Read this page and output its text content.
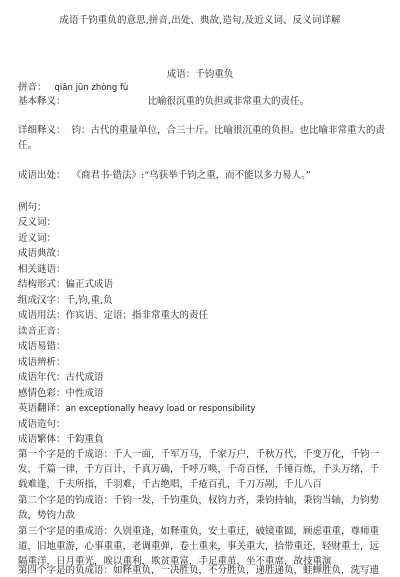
成语千钧重负的意思,拼音,出处、典故,造句,及近义词、反义词详解
成语：千钧重负
拼音： qiān jūn zhòng fù
基本释义：	比喻很沉重的负担或非常重大的责任。
详细释义： 钧：古代的重量单位，合三十斤。比喻很沉重的负担。也比喻非常重大的责任。
成语出处： 《商君书·错法》:“乌获举千钧之重，而不能以多力易人。”
例句：
反义词：
近义词：
成语典故：
相关谜语：
结构形式：偏正式成语
组成汉字：千,钧,重,负
成语用法：作宾语、定语；指非常重大的责任
读音正音：
成语易错：
成语辨析：
成语年代：古代成语
感情色彩：中性成语
英语翻译：an exceptionally heavy load or responsibility
成语造句：
成语繁体：千鈞重負
第一个字是的千成语：千人一面，千军万马，千家万户，千秋万代，千变万化，千钧一发，千篇一律，千方百计，千真万确，千呼万唤，千奇百怪，千锤百炼，千头万绪，千载难逢，千夫所指，千羽难，千古绝唱，千疮百孔，千刀万剐，千儿八百
第二个字是的钧成语：千钧一发，千钧重负，权钧力齐，秉钧持轴，秉钧当轴，力钧势敌，势钧力敌
第三个字是的重成语：久别重逢，如释重负，安土重迁，破镜重圆，顾虑重重，尊师重道，旧地重游，心事重重，老调重弹，卷土重来，事关重大，拾带重还，轻财重士，远隔重洋，日月重光，唉以重利，欺贫重富，手足重茧，坐不重席，故技重演
第四个字是的负成语：如释重负，一决胜负，不分胜负，递胜递负，蛙蝉胜负，洗写遗
